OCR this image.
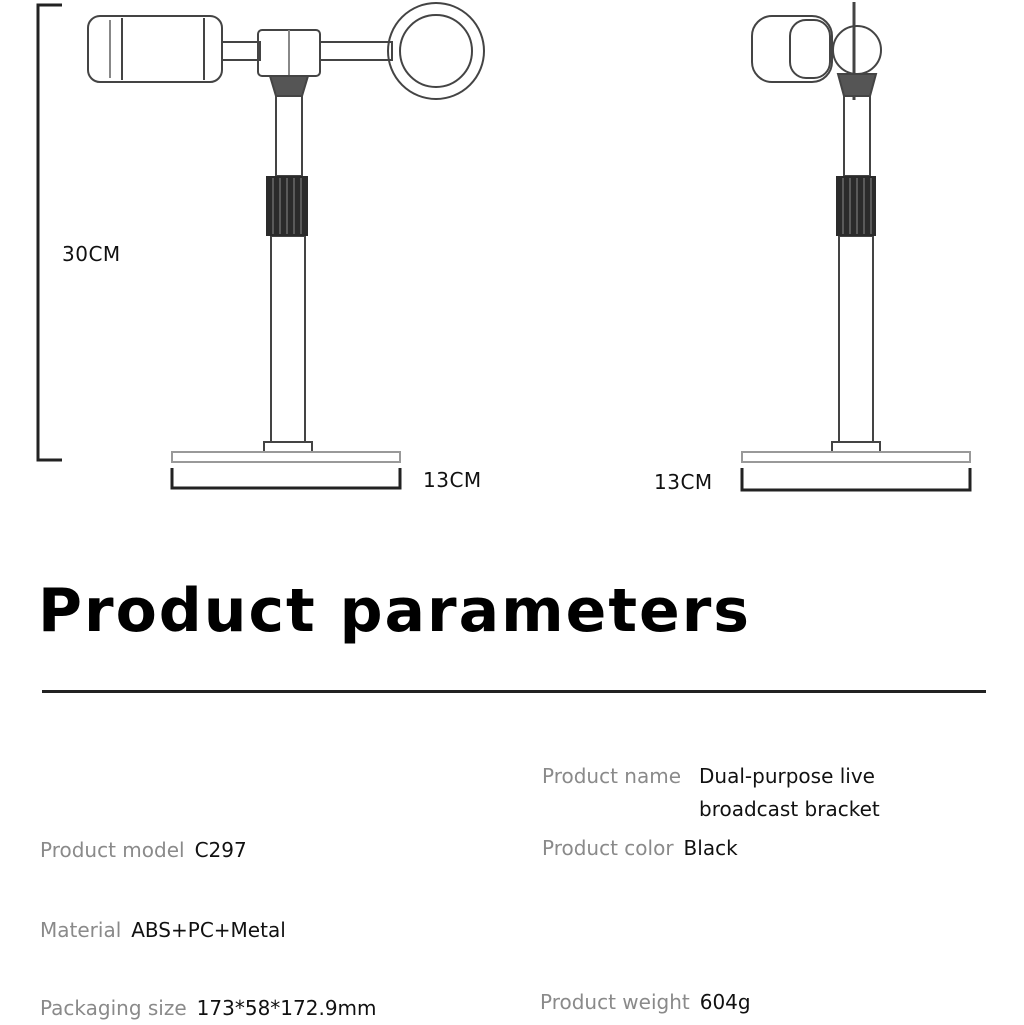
30CM
13CM	13CM
Product parameters
Product name Dual-purpose live broadcast bracket
Product model C297	Product color Black
Material ABS+PC+Metal
Packaging size 173*58*172.9mm	Product weight 604g
